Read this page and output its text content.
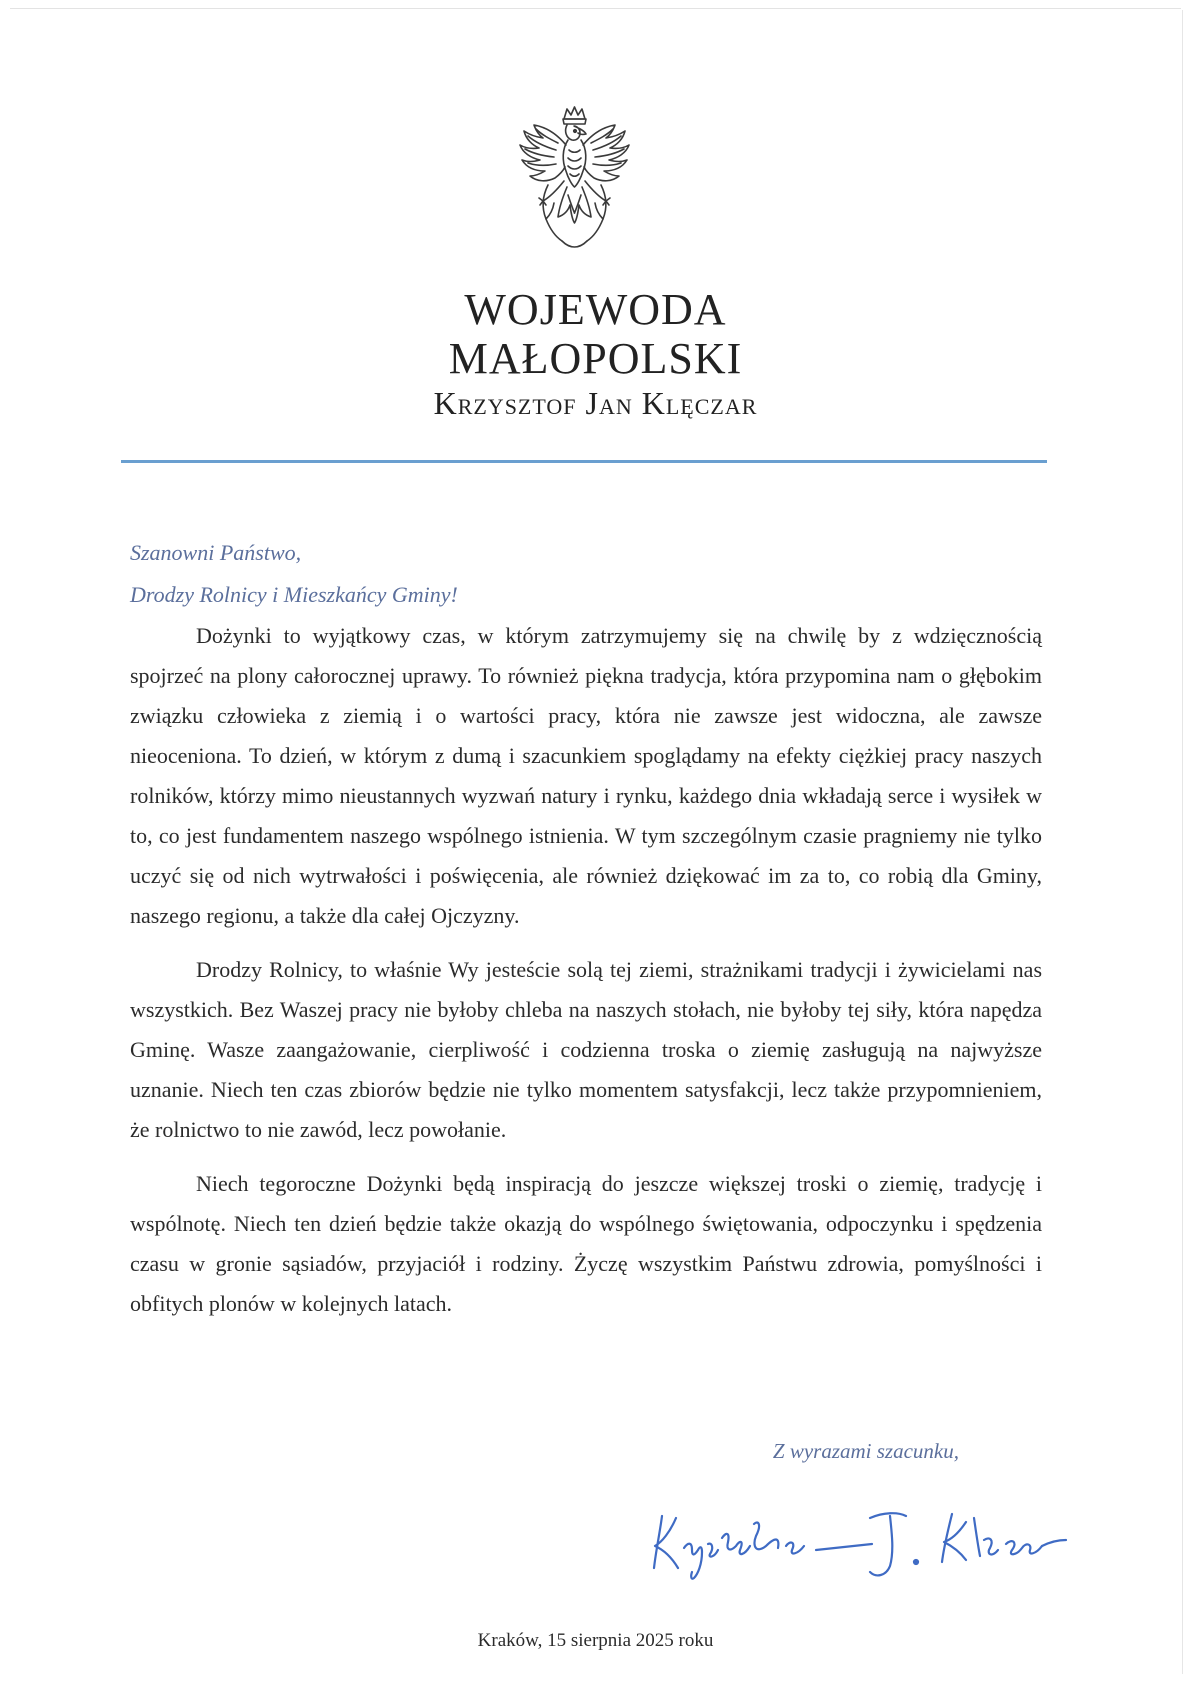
WOJEWODA
MAŁOPOLSKI
Krzysztof Jan Klęczar
Szanowni Państwo,
Drodzy Rolnicy i Mieszkańcy Gminy!

Dożynki to wyjątkowy czas, w którym zatrzymujemy się na chwilę by z wdzięcznością spojrzeć na plony całorocznej uprawy. To również piękna tradycja, która przypomina nam o głębokim związku człowieka z ziemią i o wartości pracy, która nie zawsze jest widoczna, ale zawsze nieoceniona. To dzień, w którym z dumą i szacunkiem spoglądamy na efekty ciężkiej pracy naszych rolników, którzy mimo nieustannych wyzwań natury i rynku, każdego dnia wkładają serce i wysiłek w to, co jest fundamentem naszego wspólnego istnienia. W tym szczególnym czasie pragniemy nie tylko uczyć się od nich wytrwałości i poświęcenia, ale również dziękować im za to, co robią dla Gminy, naszego regionu, a także dla całej Ojczyzny.

Drodzy Rolnicy, to właśnie Wy jesteście solą tej ziemi, strażnikami tradycji i żywicielami nas wszystkich. Bez Waszej pracy nie byłoby chleba na naszych stołach, nie byłoby tej siły, która napędza Gminę. Wasze zaangażowanie, cierpliwość i codzienna troska o ziemię zasługują na najwyższe uznanie. Niech ten czas zbiorów będzie nie tylko momentem satysfakcji, lecz także przypomnieniem, że rolnictwo to nie zawód, lecz powołanie.

Niech tegoroczne Dożynki będą inspiracją do jeszcze większej troski o ziemię, tradycję i wspólnotę. Niech ten dzień będzie także okazją do wspólnego świętowania, odpoczynku i spędzenia czasu w gronie sąsiadów, przyjaciół i rodziny. Życzę wszystkim Państwu zdrowia, pomyślności i obfitych plonów w kolejnych latach.

Z wyrazami szacunku,
Kraków, 15 sierpnia 2025 roku
